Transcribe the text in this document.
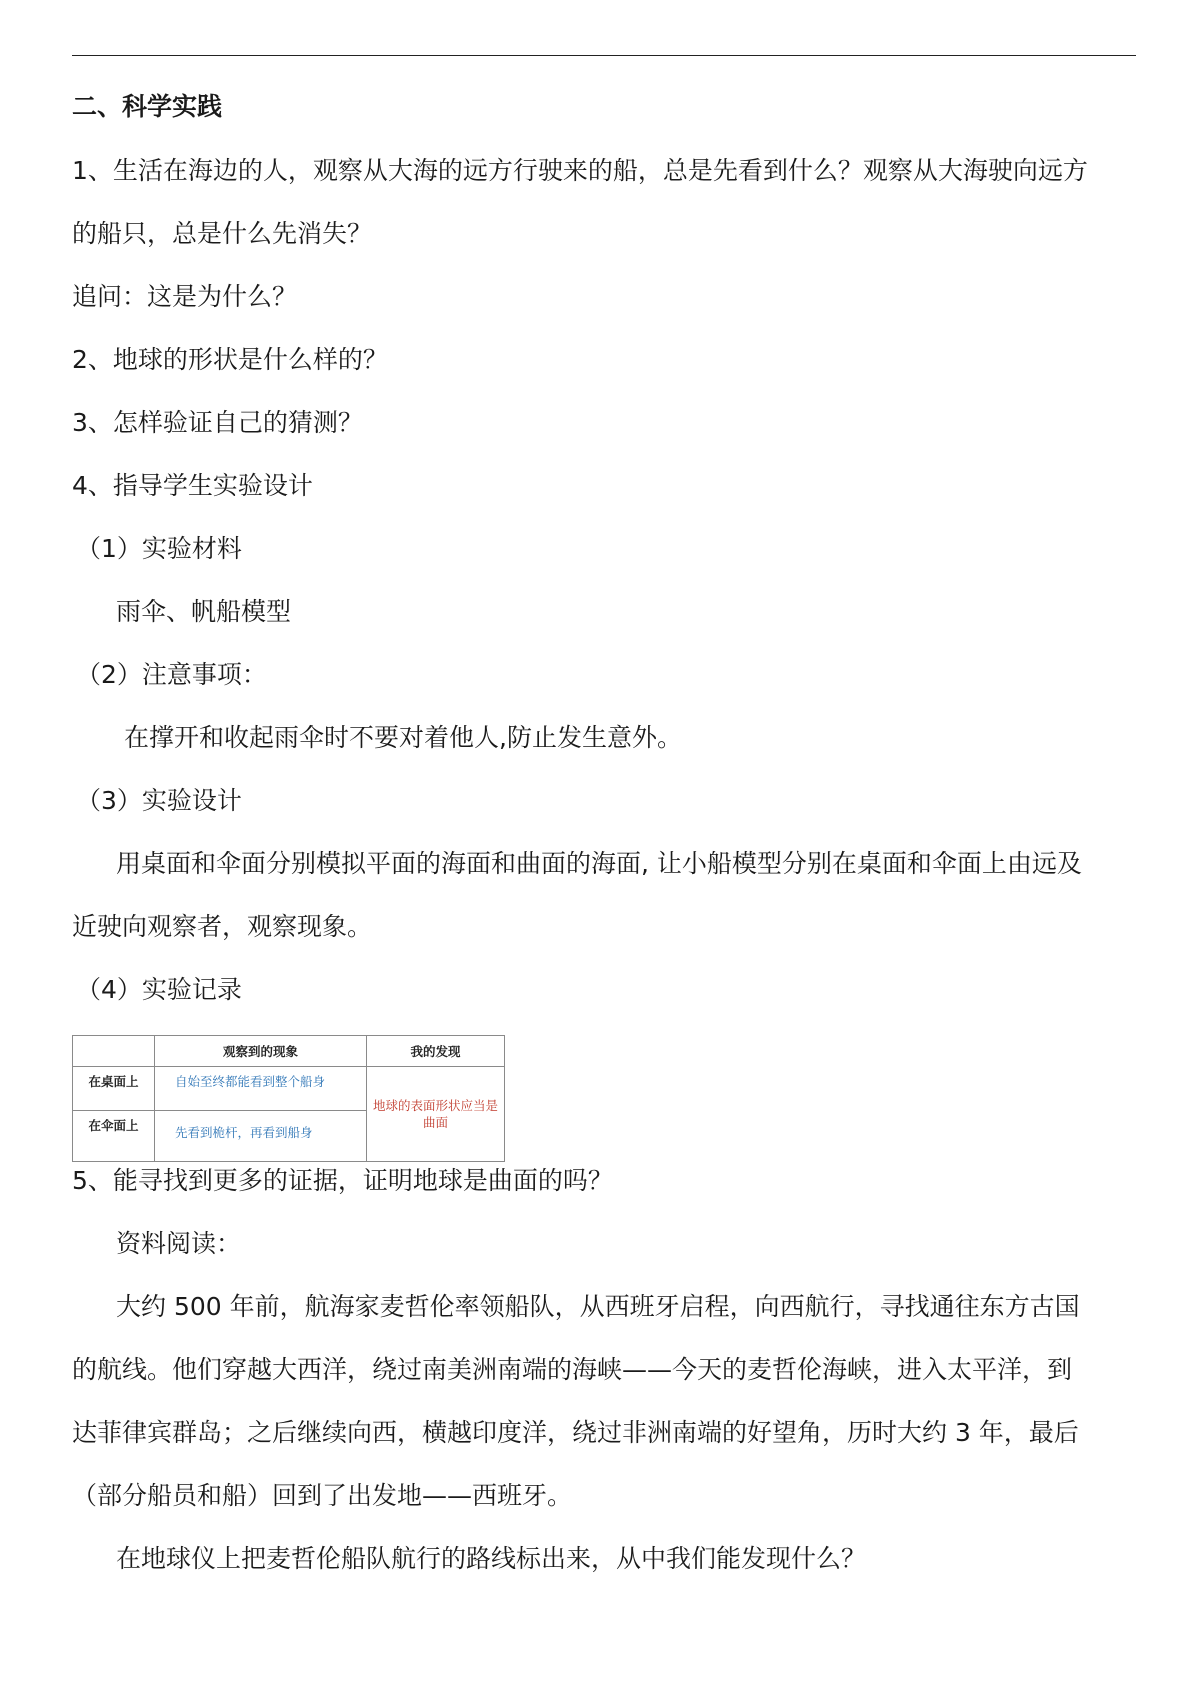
二、科学实践
1、生活在海边的人，观察从大海的远方行驶来的船，总是先看到什么？观察从大海驶向远方
的船只，总是什么先消失？
追问：这是为什么？
2、地球的形状是什么样的？
3、怎样验证自己的猜测？
4、指导学生实验设计
（1）实验材料
雨伞、帆船模型
（2）注意事项：
在撑开和收起雨伞时不要对着他人,防止发生意外。
（3）实验设计
用桌面和伞面分别模拟平面的海面和曲面的海面, 让小船模型分别在桌面和伞面上由远及
近驶向观察者，观察现象。
（4）实验记录
	观察到的现象	我的发现
在桌面上	自始至终都能看到整个船身	地球的表面形状应当是曲面
在伞面上	先看到桅杆，再看到船身	
5、能寻找到更多的证据，证明地球是曲面的吗？
资料阅读：
大约 500 年前，航海家麦哲伦率领船队，从西班牙启程，向西航行，寻找通往东方古国
的航线。他们穿越大西洋，绕过南美洲南端的海峡——今天的麦哲伦海峡，进入太平洋，到
达菲律宾群岛；之后继续向西，横越印度洋，绕过非洲南端的好望角，历时大约 3 年，最后
（部分船员和船）回到了出发地——西班牙。
在地球仪上把麦哲伦船队航行的路线标出来，从中我们能发现什么？
